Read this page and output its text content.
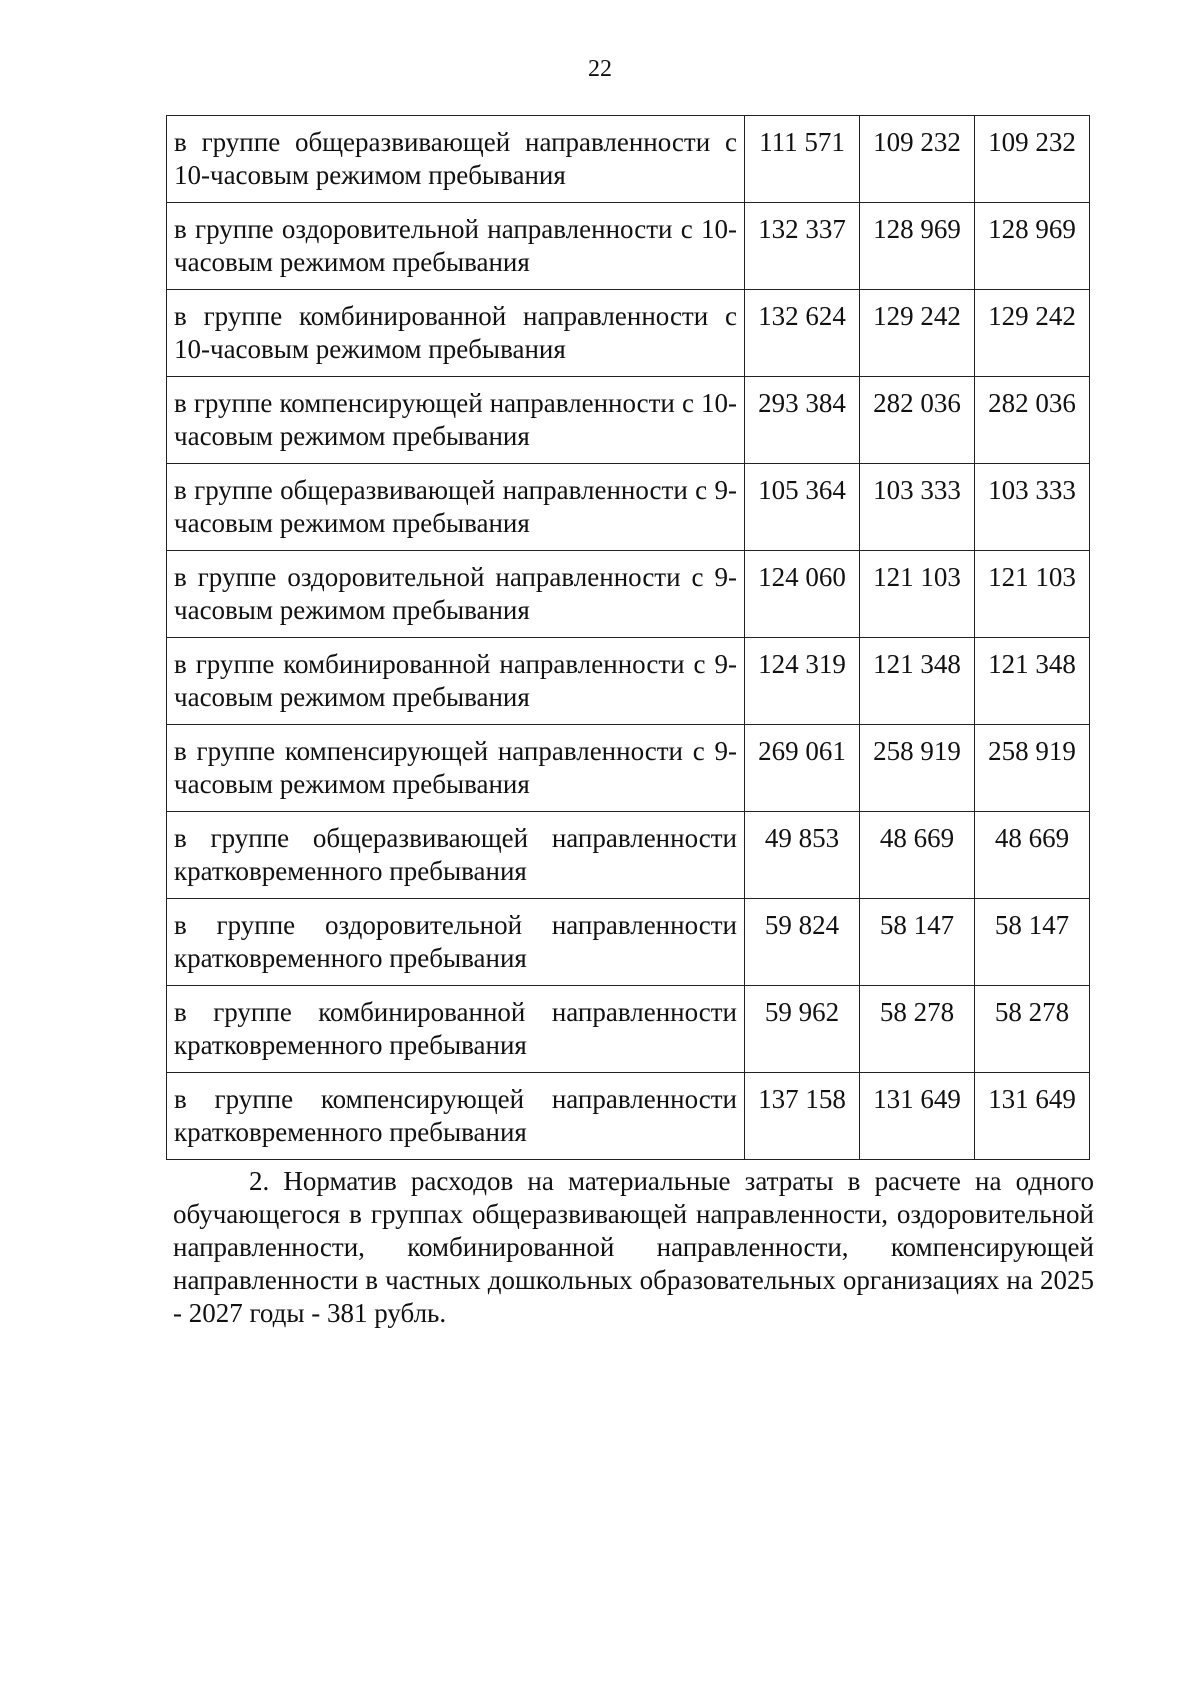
22
в группе общеразвивающей направленности с 10-часовым режимом пребывания	111 571	109 232	109 232
в группе оздоровительной направленности с 10-часовым режимом пребывания	132 337	128 969	128 969
в группе комбинированной направленности с 10-часовым режимом пребывания	132 624	129 242	129 242
в группе компенсирующей направленности с 10-часовым режимом пребывания	293 384	282 036	282 036
в группе общеразвивающей направленности с 9-часовым режимом пребывания	105 364	103 333	103 333
в группе оздоровительной направленности с 9-часовым режимом пребывания	124 060	121 103	121 103
в группе комбинированной направленности с 9-часовым режимом пребывания	124 319	121 348	121 348
в группе компенсирующей направленности с 9-часовым режимом пребывания	269 061	258 919	258 919
в группе общеразвивающей направленности кратковременного пребывания	49 853	48 669	48 669
в группе оздоровительной направленности кратковременного пребывания	59 824	58 147	58 147
в группе комбинированной направленности кратковременного пребывания	59 962	58 278	58 278
в группе компенсирующей направленности кратковременного пребывания	137 158	131 649	131 649

2. Норматив расходов на материальные затраты в расчете на одного обучающегося в группах общеразвивающей направленности, оздоровительной направленности, комбинированной направленности, компенсирующей направленности в частных дошкольных образовательных организациях на 2025 - 2027 годы - 381 рубль.
